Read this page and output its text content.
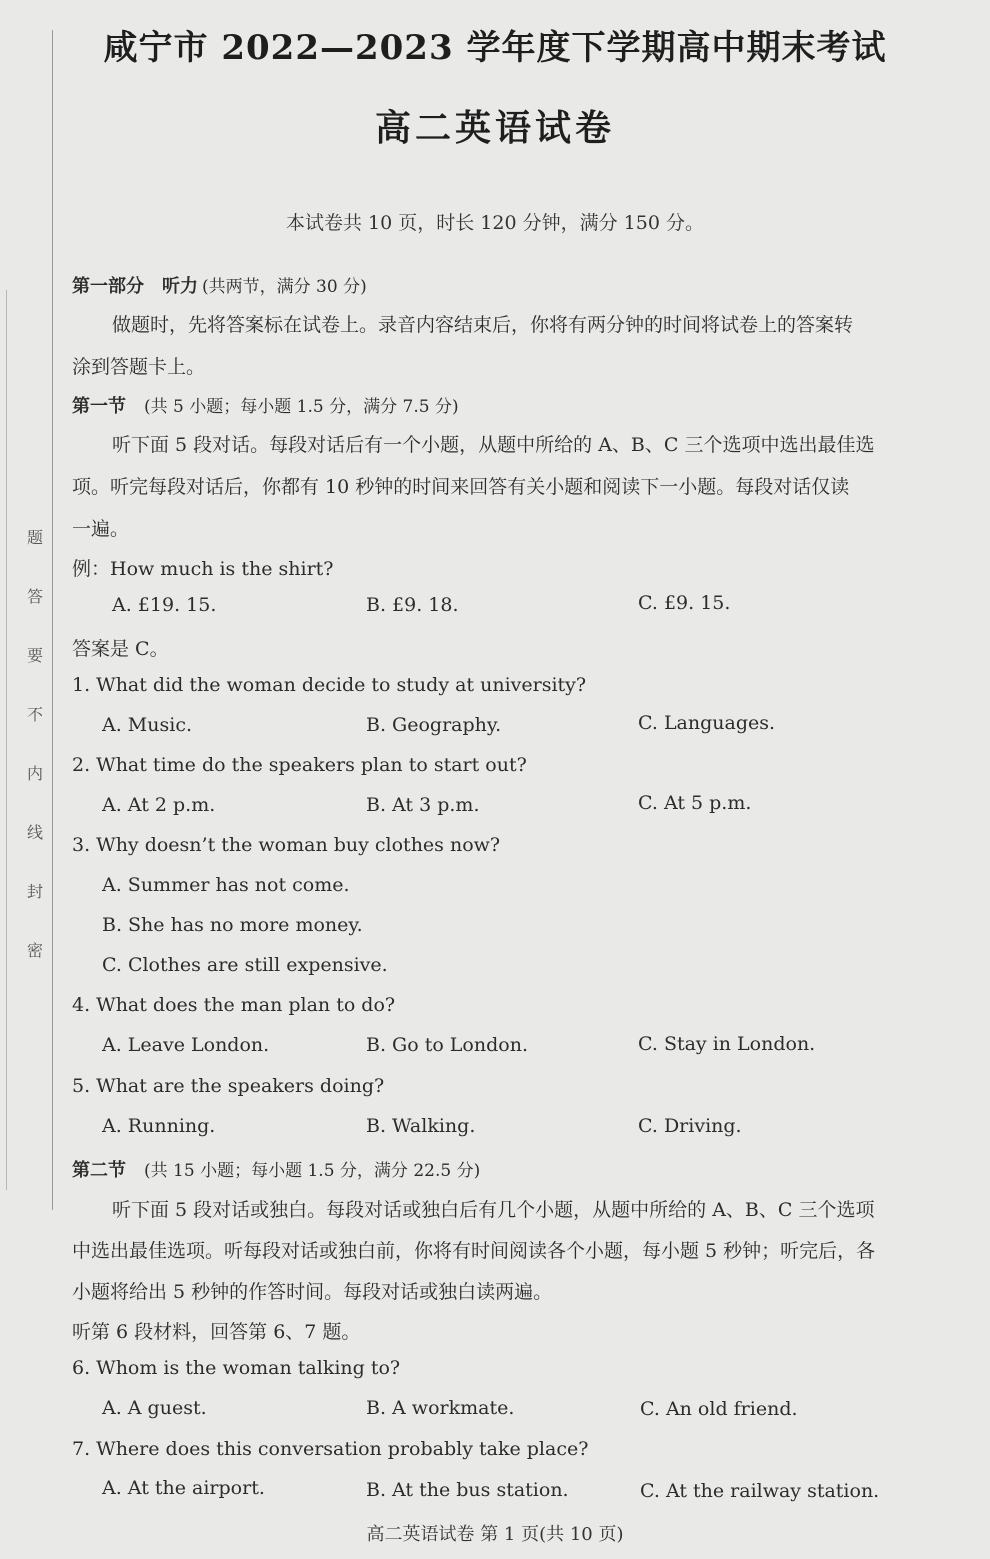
题
答
要
不
内
线
封
密
咸宁市 2022—2023 学年度下学期高中期末考试
高二英语试卷
本试卷共 10 页，时长 120 分钟，满分 150 分。
第一部分　听力 (共两节，满分 30 分)
做题时，先将答案标在试卷上。录音内容结束后，你将有两分钟的时间将试卷上的答案转
涂到答题卡上。
第一节 (共 5 小题；每小题 1.5 分，满分 7.5 分)
听下面 5 段对话。每段对话后有一个小题，从题中所给的 A、B、C 三个选项中选出最佳选
项。听完每段对话后，你都有 10 秒钟的时间来回答有关小题和阅读下一小题。每段对话仅读
一遍。
例：How much is the shirt?
A. £19. 15.	B. £9. 18.	C. £9. 15.
答案是 C。
1. What did the woman decide to study at university?
A. Music.	B. Geography.	C. Languages.
2. What time do the speakers plan to start out?
A. At 2 p.m.	B. At 3 p.m.	C. At 5 p.m.
3. Why doesn’t the woman buy clothes now?
A. Summer has not come.
B. She has no more money.
C. Clothes are still expensive.
4. What does the man plan to do?
A. Leave London.	B. Go to London.	C. Stay in London.
5. What are the speakers doing?
A. Running.	B. Walking.	C. Driving.
第二节 (共 15 小题；每小题 1.5 分，满分 22.5 分)
听下面 5 段对话或独白。每段对话或独白后有几个小题，从题中所给的 A、B、C 三个选项
中选出最佳选项。听每段对话或独白前，你将有时间阅读各个小题，每小题 5 秒钟；听完后，各
小题将给出 5 秒钟的作答时间。每段对话或独白读两遍。
听第 6 段材料，回答第 6、7 题。
6. Whom is the woman talking to?
A. A guest.	B. A workmate.	C. An old friend.
7. Where does this conversation probably take place?
A. At the airport.	B. At the bus station.	C. At the railway station.
高二英语试卷 第 1 页(共 10 页)
